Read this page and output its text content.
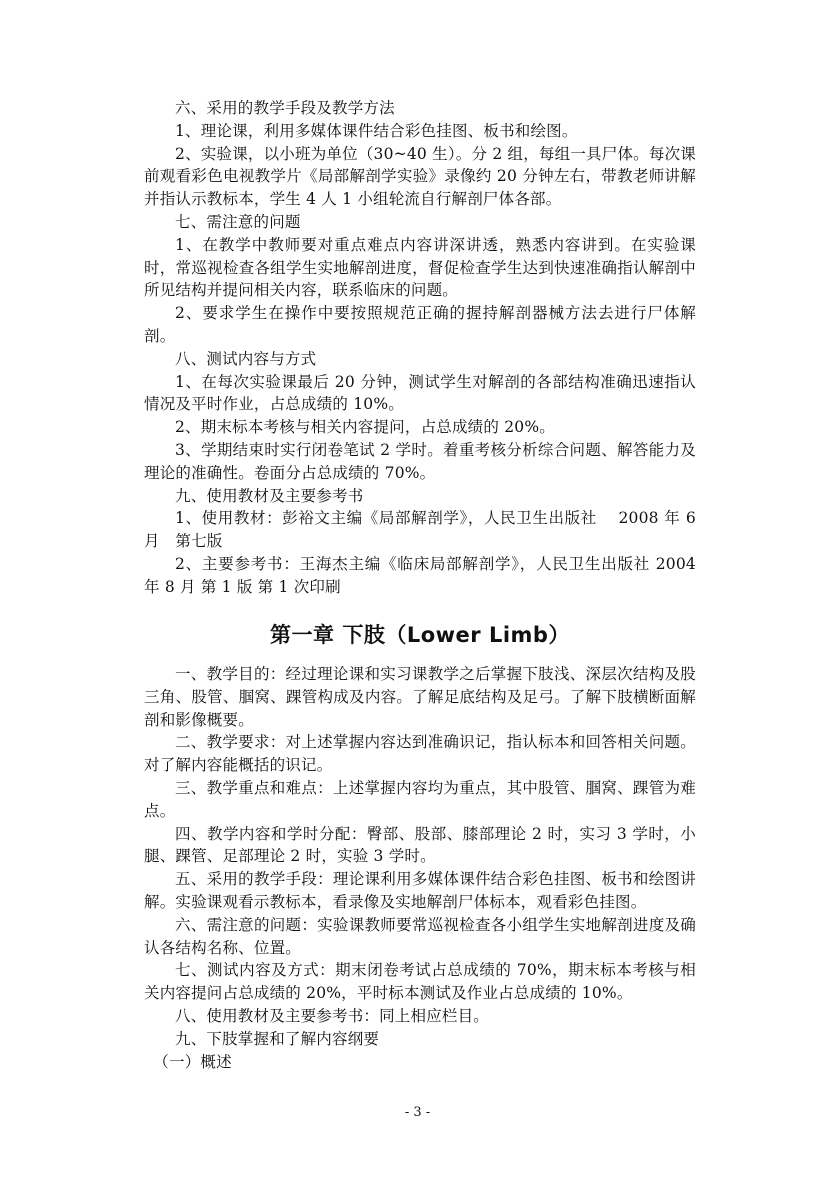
六、采用的教学手段及教学方法

1、理论课，利用多媒体课件结合彩色挂图、板书和绘图。

2、实验课，以小班为单位（30~40 生）。分 2 组，每组一具尸体。每次课前观看彩色电视教学片《局部解剖学实验》录像约 20 分钟左右，带教老师讲解并指认示教标本，学生 4 人 1 小组轮流自行解剖尸体各部。

七、需注意的问题

1、在教学中教师要对重点难点内容讲深讲透，熟悉内容讲到。在实验课时，常巡视检查各组学生实地解剖进度，督促检查学生达到快速准确指认解剖中所见结构并提问相关内容，联系临床的问题。

2、要求学生在操作中要按照规范正确的握持解剖器械方法去进行尸体解剖。

八、测试内容与方式

1、在每次实验课最后 20 分钟，测试学生对解剖的各部结构准确迅速指认情况及平时作业，占总成绩的 10%。

2、期末标本考核与相关内容提问，占总成绩的 20%。

3、学期结束时实行闭卷笔试 2 学时。着重考核分析综合问题、解答能力及理论的准确性。卷面分占总成绩的 70%。

九、使用教材及主要参考书

1、使用教材：彭裕文主编《局部解剖学》，人民卫生出版社　 2008 年 6 月　第七版

2、主要参考书：王海杰主编《临床局部解剖学》，人民卫生出版社 2004 年 8 月 第 1 版 第 1 次印刷

第一章 下肢（Lower Limb）

一、教学目的：经过理论课和实习课教学之后掌握下肢浅、深层次结构及股三角、股管、腘窝、踝管构成及内容。了解足底结构及足弓。了解下肢横断面解剖和影像概要。

二、教学要求：对上述掌握内容达到准确识记，指认标本和回答相关问题。对了解内容能概括的识记。

三、教学重点和难点：上述掌握内容均为重点，其中股管、腘窝、踝管为难点。

四、教学内容和学时分配：臀部、股部、膝部理论 2 时，实习 3 学时，小腿、踝管、足部理论 2 时，实验 3 学时。

五、采用的教学手段：理论课利用多媒体课件结合彩色挂图、板书和绘图讲解。实验课观看示教标本，看录像及实地解剖尸体标本，观看彩色挂图。

六、需注意的问题：实验课教师要常巡视检查各小组学生实地解剖进度及确认各结构名称、位置。

七、测试内容及方式：期末闭卷考试占总成绩的 70%，期末标本考核与相关内容提问占总成绩的 20%，平时标本测试及作业占总成绩的 10%。

八、使用教材及主要参考书：同上相应栏目。

九、下肢掌握和了解内容纲要

（一）概述

- 3 -
